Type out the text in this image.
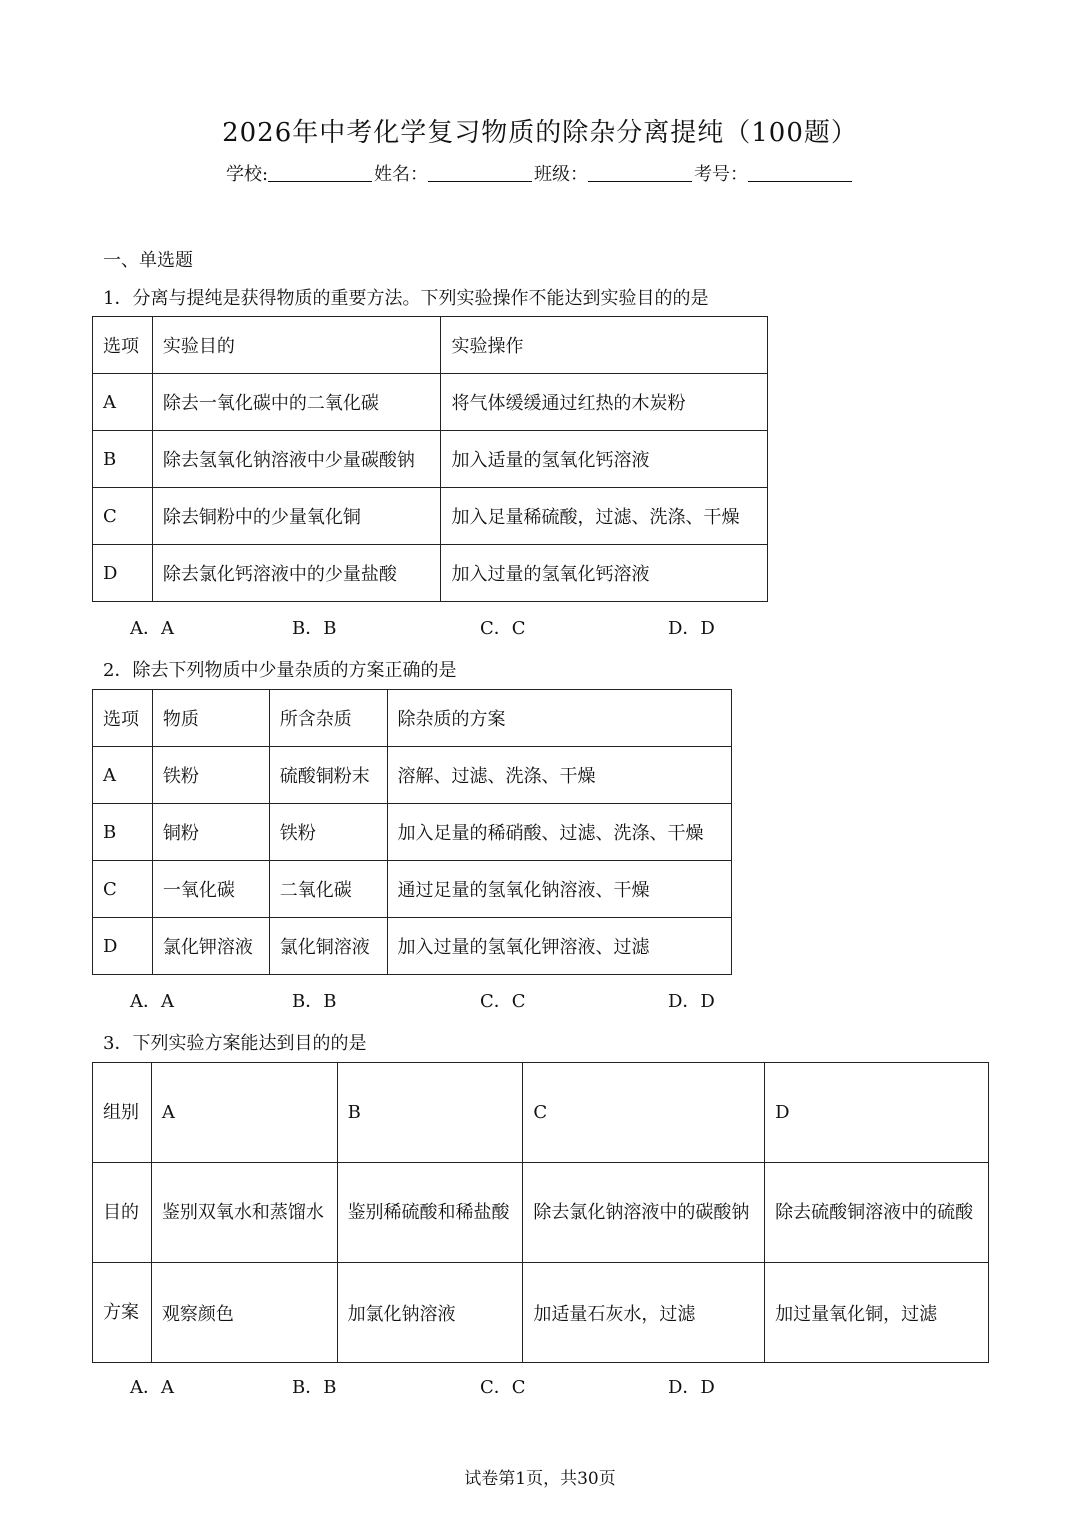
2026年中考化学复习物质的除杂分离提纯（100题）
学校:	姓名：	班级：	考号：
一、单选题
1．分离与提纯是获得物质的重要方法。下列实验操作不能达到实验目的的是
选项	实验目的	实验操作
A	除去一氧化碳中的二氧化碳	将气体缓缓通过红热的木炭粉
B	除去氢氧化钠溶液中少量碳酸钠	加入适量的氢氧化钙溶液
C	除去铜粉中的少量氧化铜	加入足量稀硫酸，过滤、洗涤、干燥
D	除去氯化钙溶液中的少量盐酸	加入过量的氢氧化钙溶液
A．A	B．B	C．C	D．D
2．除去下列物质中少量杂质的方案正确的是
选项	物质	所含杂质	除杂质的方案
A	铁粉	硫酸铜粉末	溶解、过滤、洗涤、干燥
B	铜粉	铁粉	加入足量的稀硝酸、过滤、洗涤、干燥
C	一氧化碳	二氧化碳	通过足量的氢氧化钠溶液、干燥
D	氯化钾溶液	氯化铜溶液	加入过量的氢氧化钾溶液、过滤
A．A	B．B	C．C	D．D
3．下列实验方案能达到目的的是
组别	A	B	C	D
目的	鉴别双氧水和蒸馏水	鉴别稀硫酸和稀盐酸	除去氯化钠溶液中的碳酸钠	除去硫酸铜溶液中的硫酸
方案	观察颜色	加氯化钠溶液	加适量石灰水，过滤	加过量氧化铜，过滤
A．A	B．B	C．C	D．D
试卷第1页，共30页
